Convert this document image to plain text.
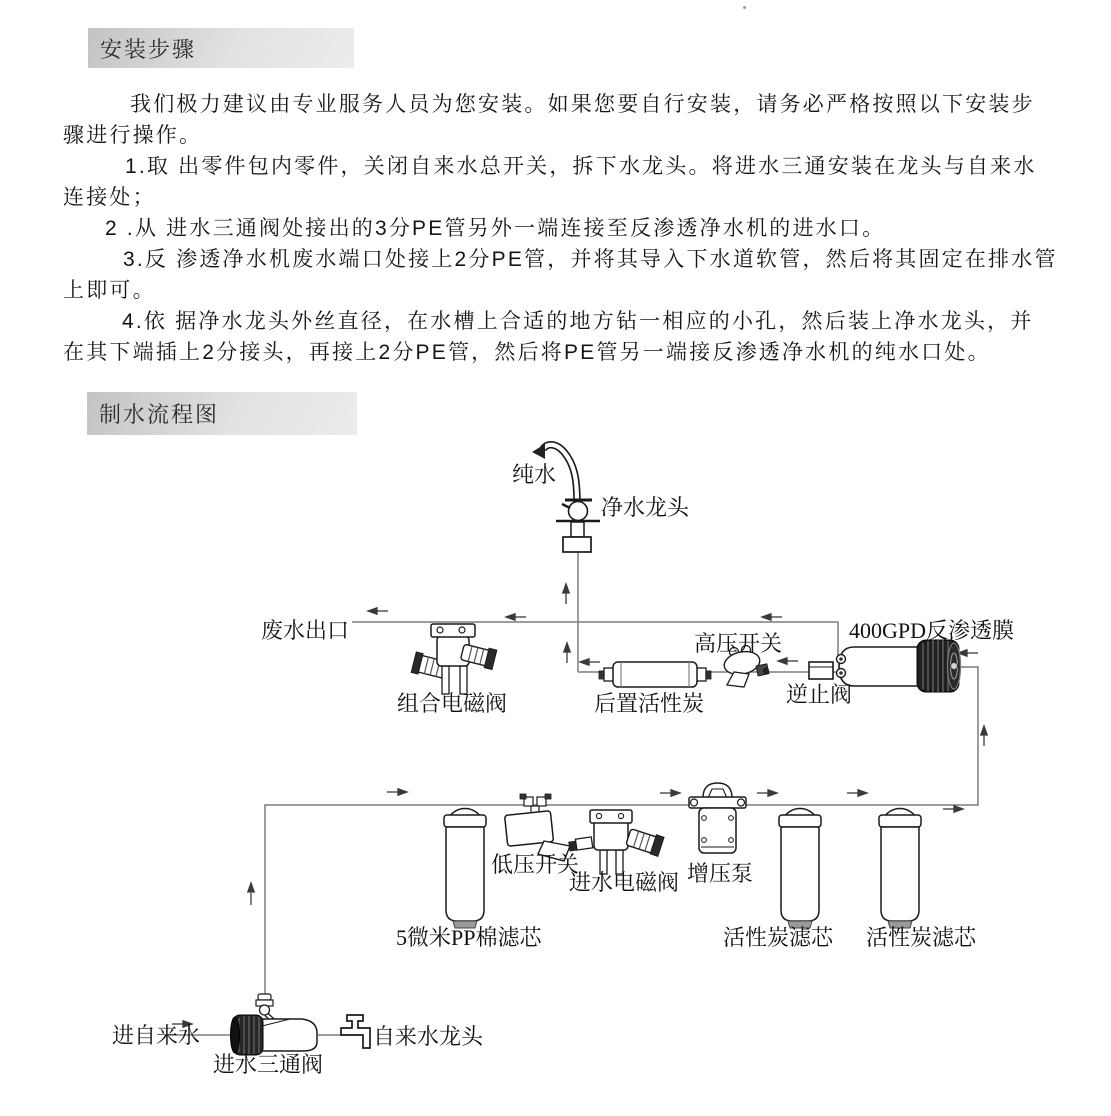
安装步骤
制水流程图
我们极力建议由专业服务人员为您安装。如果您要自行安装，请务必严格按照以下安装步
骤进行操作。
1.取 出零件包内零件，关闭自来水总开关，拆下水龙头。将进水三通安装在龙头与自来水
连接处；
2 .从 进水三通阀处接出的3分PE管另外一端连接至反渗透净水机的进水口。
3.反 渗透净水机废水端口处接上2分PE管，并将其导入下水道软管，然后将其固定在排水管
上即可。
4.依 据净水龙头外丝直径，在水槽上合适的地方钻一相应的小孔，然后装上净水龙头，并
在其下端插上2分接头，再接上2分PE管，然后将PE管另一端接反渗透净水机的纯水口处。
纯水
净水龙头
废水出口
组合电磁阀	后置活性炭
高压开关
逆止阀
400GPD反渗透膜
低压开关
进水电磁阀 增压泵
5微米PP棉滤芯	活性炭滤芯 活性炭滤芯
进自来水
进水三通阀
自来水龙头
